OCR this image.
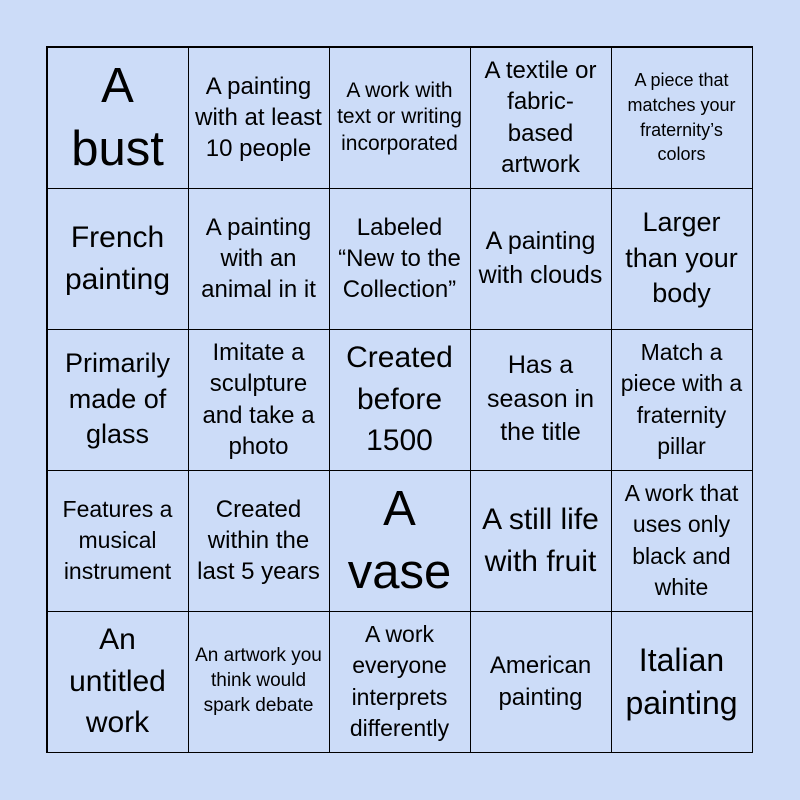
A bust
A painting with at least 10 people
A work with text or writing incorporated
A textile or fabric-based artwork
A piece that matches your fraternity’s colors
French painting
A painting with an animal in it
Labeled “New to the Collection”
A painting with clouds
Larger than your body
Primarily made of glass
Imitate a sculpture and take a photo
Created before 1500
Has a season in the title
Match a piece with a fraternity pillar
Features a musical instrument
Created within the last 5 years
A vase
A still life with fruit
A work that uses only black and white
An untitled work
An artwork you think would spark debate
A work everyone interprets differently
American painting
Italian painting
